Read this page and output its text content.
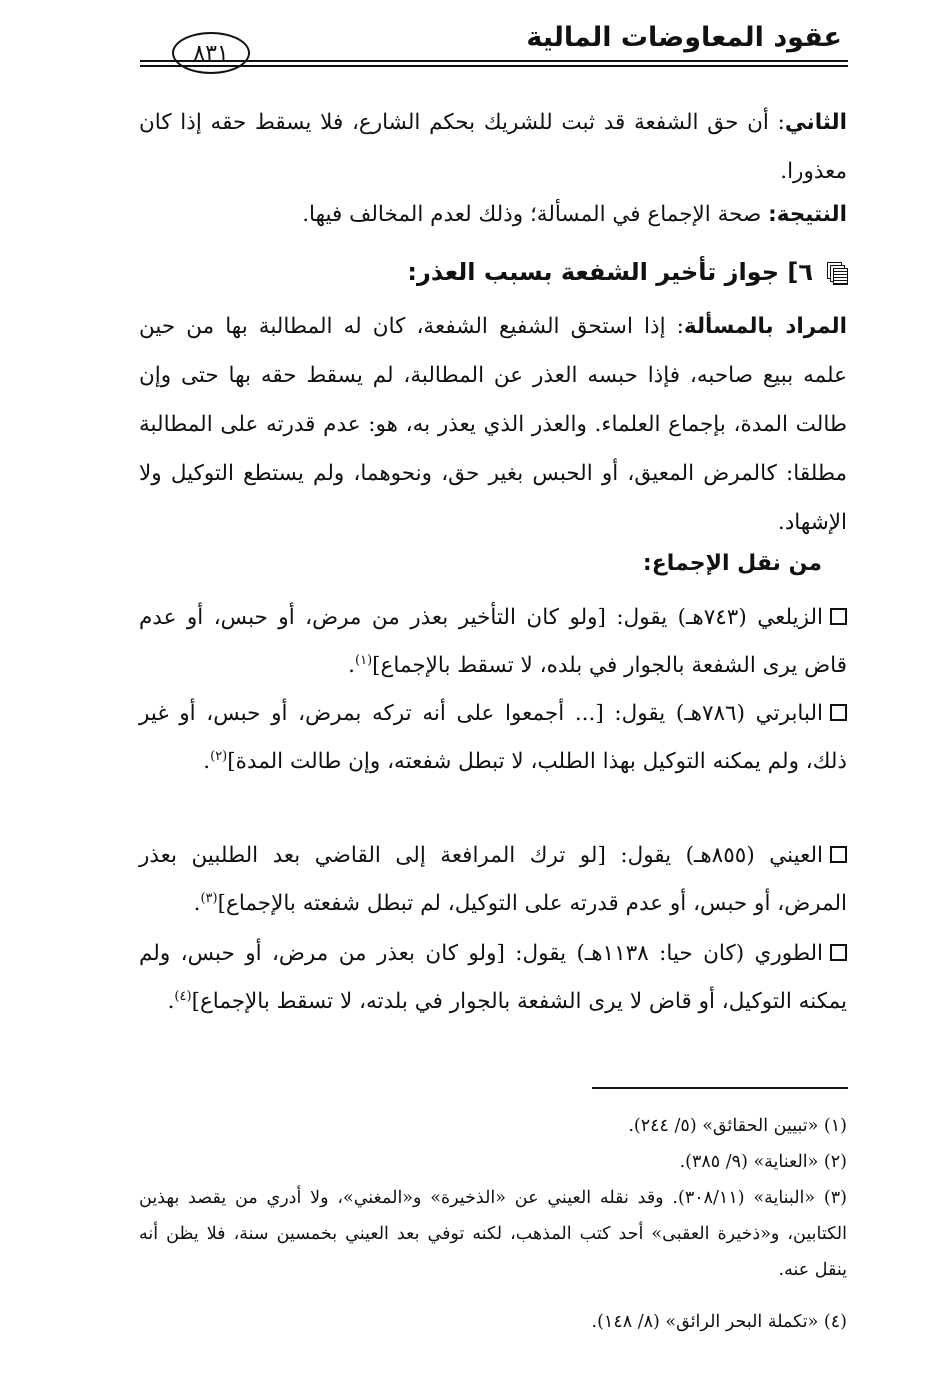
عقود المعاوضات المالية
٨٣١
الثاني: أن حق الشفعة قد ثبت للشريك بحكم الشارع، فلا يسقط حقه إذا كان معذورا.
النتيجة: صحة الإجماع في المسألة؛ وذلك لعدم المخالف فيها.
٦] جواز تأخير الشفعة بسبب العذر:
المراد بالمسألة: إذا استحق الشفيع الشفعة، كان له المطالبة بها من حين علمه ببيع صاحبه، فإذا حبسه العذر عن المطالبة، لم يسقط حقه بها حتى وإن طالت المدة، بإجماع العلماء. والعذر الذي يعذر به، هو: عدم قدرته على المطالبة مطلقا: كالمرض المعيق، أو الحبس بغير حق، ونحوهما، ولم يستطع التوكيل ولا الإشهاد.
من نقل الإجماع:
الزيلعي (٧٤٣هـ) يقول: [ولو كان التأخير بعذر من مرض، أو حبس، أو عدم قاض يرى الشفعة بالجوار في بلده، لا تسقط بالإجماع]$^{(١)}$.
البابرتي (٧٨٦هـ) يقول: [... أجمعوا على أنه تركه بمرض، أو حبس، أو غير ذلك، ولم يمكنه التوكيل بهذا الطلب، لا تبطل شفعته، وإن طالت المدة]$^{(٢)}$.
العيني (٨٥٥هـ) يقول: [لو ترك المرافعة إلى القاضي بعد الطلبين بعذر المرض، أو حبس، أو عدم قدرته على التوكيل، لم تبطل شفعته بالإجماع]$^{(٣)}$.
الطوري (كان حيا: ١١٣٨هـ) يقول: [ولو كان بعذر من مرض، أو حبس، ولم يمكنه التوكيل، أو قاض لا يرى الشفعة بالجوار في بلدته، لا تسقط بالإجماع]$^{(٤)}$.
(١) «تبيين الحقائق» (٥/ ٢٤٤).
(٢) «العناية» (٩/ ٣٨٥).
(٣) «البناية» (٣٠٨/١١). وقد نقله العيني عن «الذخيرة» و«المغني»، ولا أدري من يقصد بهذين الكتابين، و«ذخيرة العقبى» أحد كتب المذهب، لكنه توفي بعد العيني بخمسين سنة، فلا يظن أنه ينقل عنه.
(٤) «تكملة البحر الرائق» (٨/ ١٤٨).
